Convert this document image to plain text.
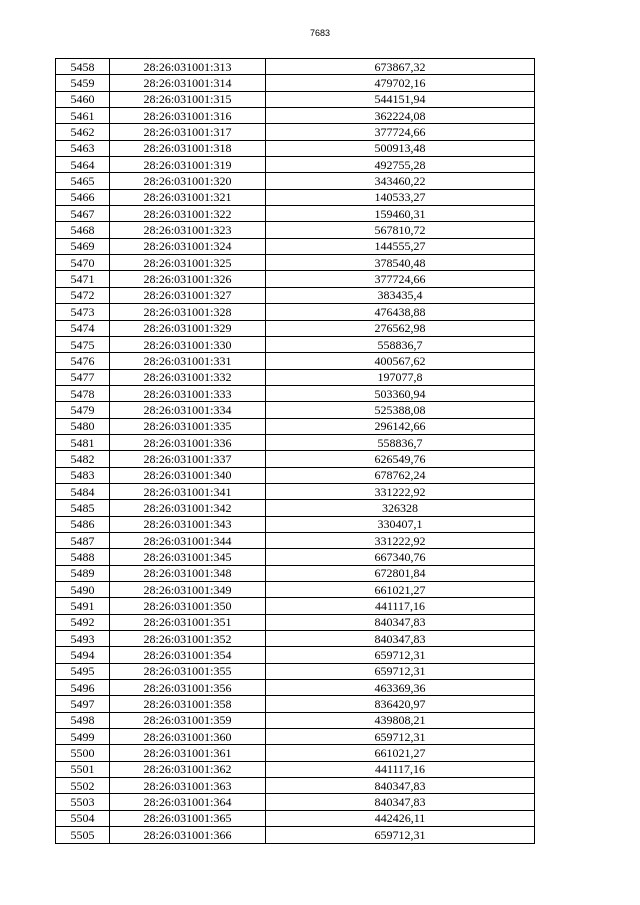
7683
5458	28:26:031001:313	673867,32
5459	28:26:031001:314	479702,16
5460	28:26:031001:315	544151,94
5461	28:26:031001:316	362224,08
5462	28:26:031001:317	377724,66
5463	28:26:031001:318	500913,48
5464	28:26:031001:319	492755,28
5465	28:26:031001:320	343460,22
5466	28:26:031001:321	140533,27
5467	28:26:031001:322	159460,31
5468	28:26:031001:323	567810,72
5469	28:26:031001:324	144555,27
5470	28:26:031001:325	378540,48
5471	28:26:031001:326	377724,66
5472	28:26:031001:327	383435,4
5473	28:26:031001:328	476438,88
5474	28:26:031001:329	276562,98
5475	28:26:031001:330	558836,7
5476	28:26:031001:331	400567,62
5477	28:26:031001:332	197077,8
5478	28:26:031001:333	503360,94
5479	28:26:031001:334	525388,08
5480	28:26:031001:335	296142,66
5481	28:26:031001:336	558836,7
5482	28:26:031001:337	626549,76
5483	28:26:031001:340	678762,24
5484	28:26:031001:341	331222,92
5485	28:26:031001:342	326328
5486	28:26:031001:343	330407,1
5487	28:26:031001:344	331222,92
5488	28:26:031001:345	667340,76
5489	28:26:031001:348	672801,84
5490	28:26:031001:349	661021,27
5491	28:26:031001:350	441117,16
5492	28:26:031001:351	840347,83
5493	28:26:031001:352	840347,83
5494	28:26:031001:354	659712,31
5495	28:26:031001:355	659712,31
5496	28:26:031001:356	463369,36
5497	28:26:031001:358	836420,97
5498	28:26:031001:359	439808,21
5499	28:26:031001:360	659712,31
5500	28:26:031001:361	661021,27
5501	28:26:031001:362	441117,16
5502	28:26:031001:363	840347,83
5503	28:26:031001:364	840347,83
5504	28:26:031001:365	442426,11
5505	28:26:031001:366	659712,31
